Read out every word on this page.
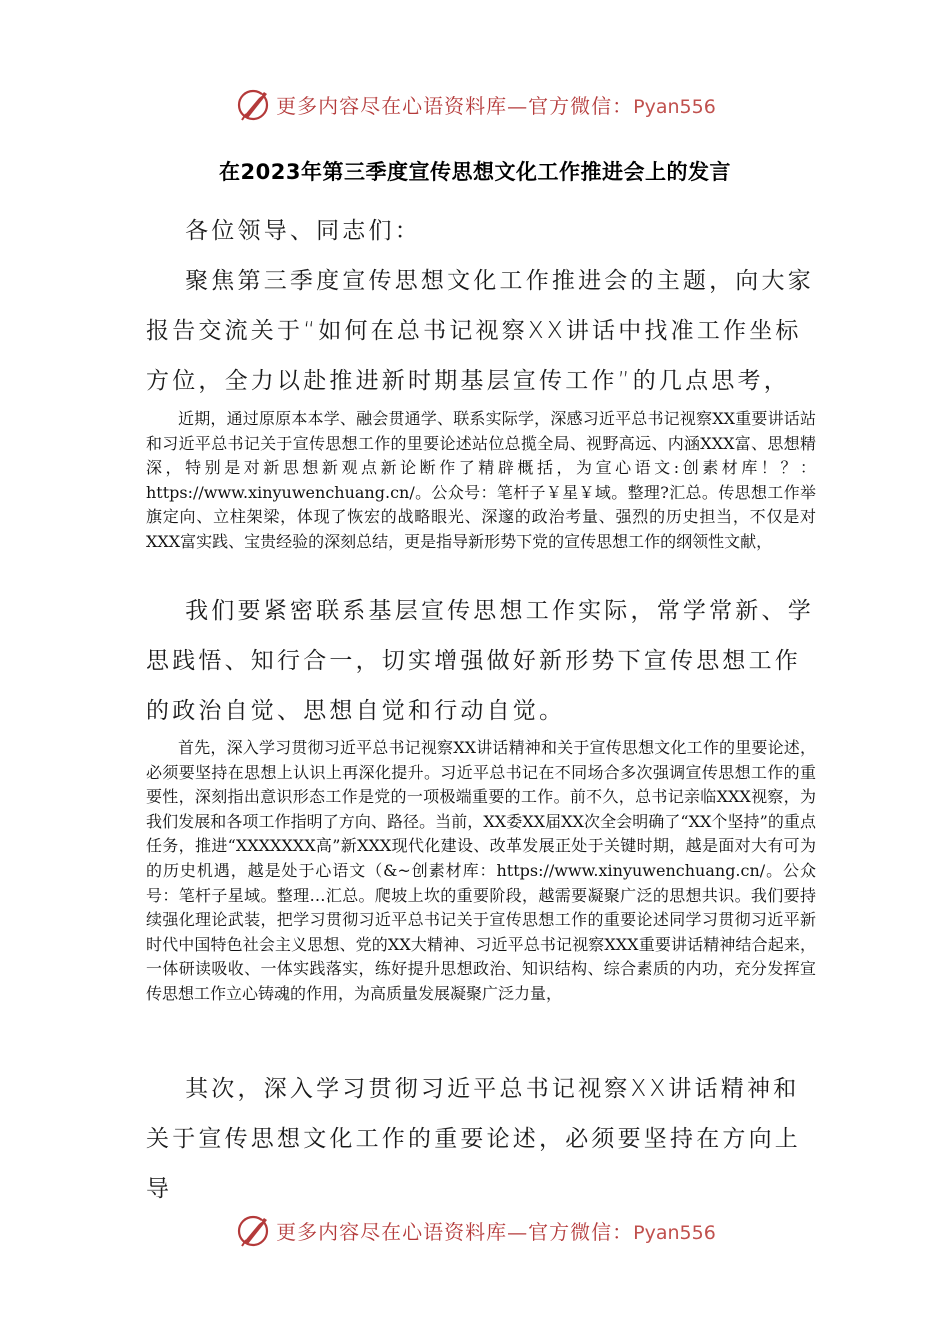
更多内容尽在心语资料库—官方微信：Pyan556
在2023年第三季度宣传思想文化工作推进会上的发言
各位领导、同志们：
聚焦第三季度宣传思想文化工作推进会的主题，向大家报告交流关于“如何在总书记视察XX讲话中找准工作坐标方位，全力以赴推进新时期基层宣传工作”的几点思考，
近期，通过原原本本学、融会贯通学、联系实际学，深感习近平总书记视察XX重要讲话站和习近平总书记关于宣传思想工作的里要论述站位总揽全局、视野高远、内涵XXX富、思想精深，特别是对新思想新观点新论断作了精辟概括，为宣心语文:创素材库！？：https://www.xinyuwenchuang.cn/。公众号：笔杆子￥星￥域。整理?汇总。传思想工作举旗定向、立柱架梁，体现了恢宏的战略眼光、深邃的政治考量、强烈的历史担当，不仅是对XXX富实践、宝贵经验的深刻总结，更是指导新形势下党的宣传思想工作的纲领性文献，
我们要紧密联系基层宣传思想工作实际，常学常新、学思践悟、知行合一，切实增强做好新形势下宣传思想工作的政治自觉、思想自觉和行动自觉。
首先，深入学习贯彻习近平总书记视察XX讲话精神和关于宣传思想文化工作的里要论述，必须要坚持在思想上认识上再深化提升。习近平总书记在不同场合多次强调宣传思想工作的重要性，深刻指出意识形态工作是党的一项极端重要的工作。前不久，总书记亲临XXX视察，为我们发展和各项工作指明了方向、路径。当前，XX委XX届XX次全会明确了“XX个坚持”的重点任务，推进“XXXXXXX高”新XXX现代化建设、改革发展正处于关键时期，越是面对大有可为的历史机遇，越是处于心语文（&~创素材库：https://www.xinyuwenchuang.cn/。公众号：笔杆子星域。整理…汇总。爬坡上坎的重要阶段，越需要凝聚广泛的思想共识。我们要持续强化理论武装，把学习贯彻习近平总书记关于宣传思想工作的重要论述同学习贯彻习近平新时代中国特色社会主义思想、党的XX大精神、习近平总书记视察XXX重要讲话精神结合起来，一体研读吸收、一体实践落实，练好提升思想政治、知识结构、综合素质的内功，充分发挥宣传思想工作立心铸魂的作用，为高质量发展凝聚广泛力量，
其次，深入学习贯彻习近平总书记视察XX讲话精神和关于宣传思想文化工作的重要论述，必须要坚持在方向上导
更多内容尽在心语资料库—官方微信：Pyan556
